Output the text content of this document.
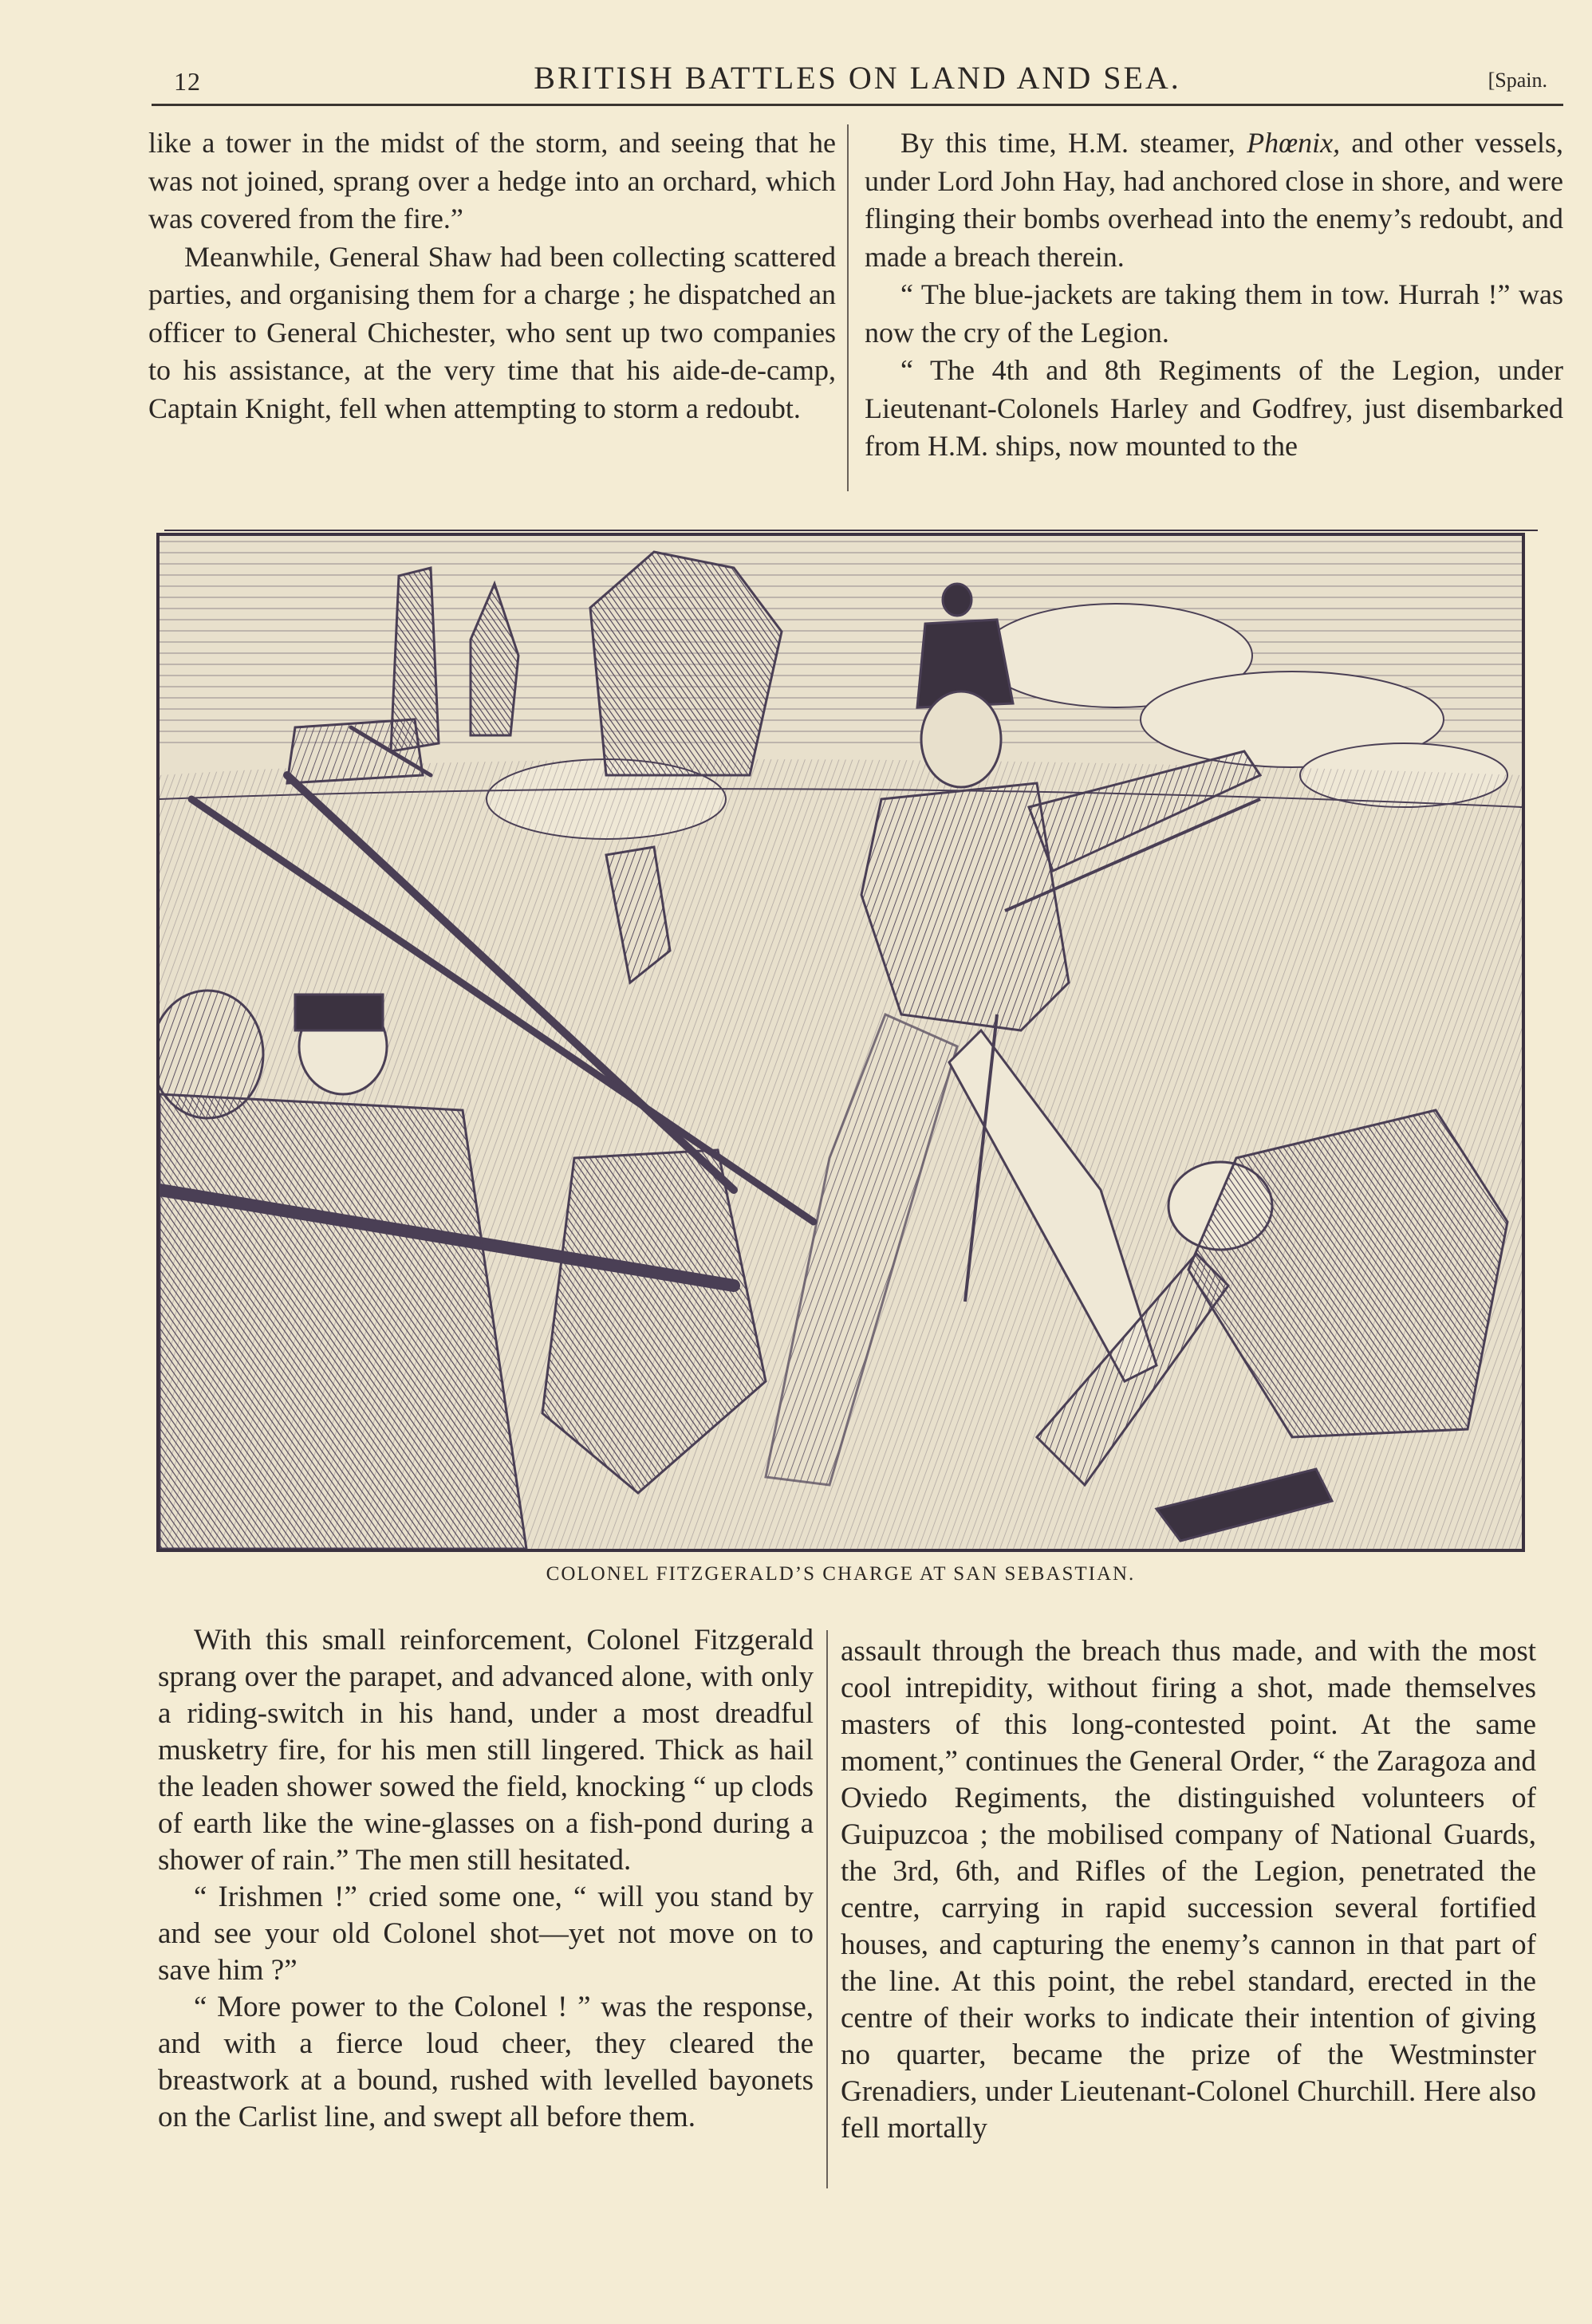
12	BRITISH BATTLES ON LAND AND SEA.	[Spain.

like a tower in the midst of the storm, and seeing that he was not joined, sprang over a hedge into an orchard, which was covered from the fire.”

Meanwhile, General Shaw had been collecting scattered parties, and organising them for a charge ; he dispatched an officer to General Chichester, who sent up two companies to his assistance, at the very time that his aide-de-camp, Captain Knight, fell when attempting to storm a redoubt.

By this time, H.M. steamer, Phœnix, and other vessels, under Lord John Hay, had anchored close in shore, and were flinging their bombs overhead into the enemy’s redoubt, and made a breach therein.

“ The blue-jackets are taking them in tow. Hurrah !” was now the cry of the Legion.

“ The 4th and 8th Regiments of the Legion, under Lieutenant-Colonels Harley and Godfrey, just disembarked from H.M. ships, now mounted to the

COLONEL FITZGERALD’S CHARGE AT SAN SEBASTIAN.

With this small reinforcement, Colonel Fitzgerald sprang over the parapet, and advanced alone, with only a riding-switch in his hand, under a most dreadful musketry fire, for his men still lingered. Thick as hail the leaden shower sowed the field, knocking “ up clods of earth like the wine-glasses on a fish-pond during a shower of rain.” The men still hesitated.

“ Irishmen !” cried some one, “ will you stand by and see your old Colonel shot—yet not move on to save him ?”

“ More power to the Colonel ! ” was the response, and with a fierce loud cheer, they cleared the breastwork at a bound, rushed with levelled bayonets on the Carlist line, and swept all before them.

assault through the breach thus made, and with the most cool intrepidity, without firing a shot, made themselves masters of this long-contested point. At the same moment,” continues the General Order, “ the Zaragoza and Oviedo Regiments, the distinguished volunteers of Guipuzcoa ; the mobilised company of National Guards, the 3rd, 6th, and Rifles of the Legion, penetrated the centre, carrying in rapid succession several fortified houses, and capturing the enemy’s cannon in that part of the line. At this point, the rebel standard, erected in the centre of their works to indicate their intention of giving no quarter, became the prize of the Westminster Grenadiers, under Lieutenant-Colonel Churchill. Here also fell mortally
